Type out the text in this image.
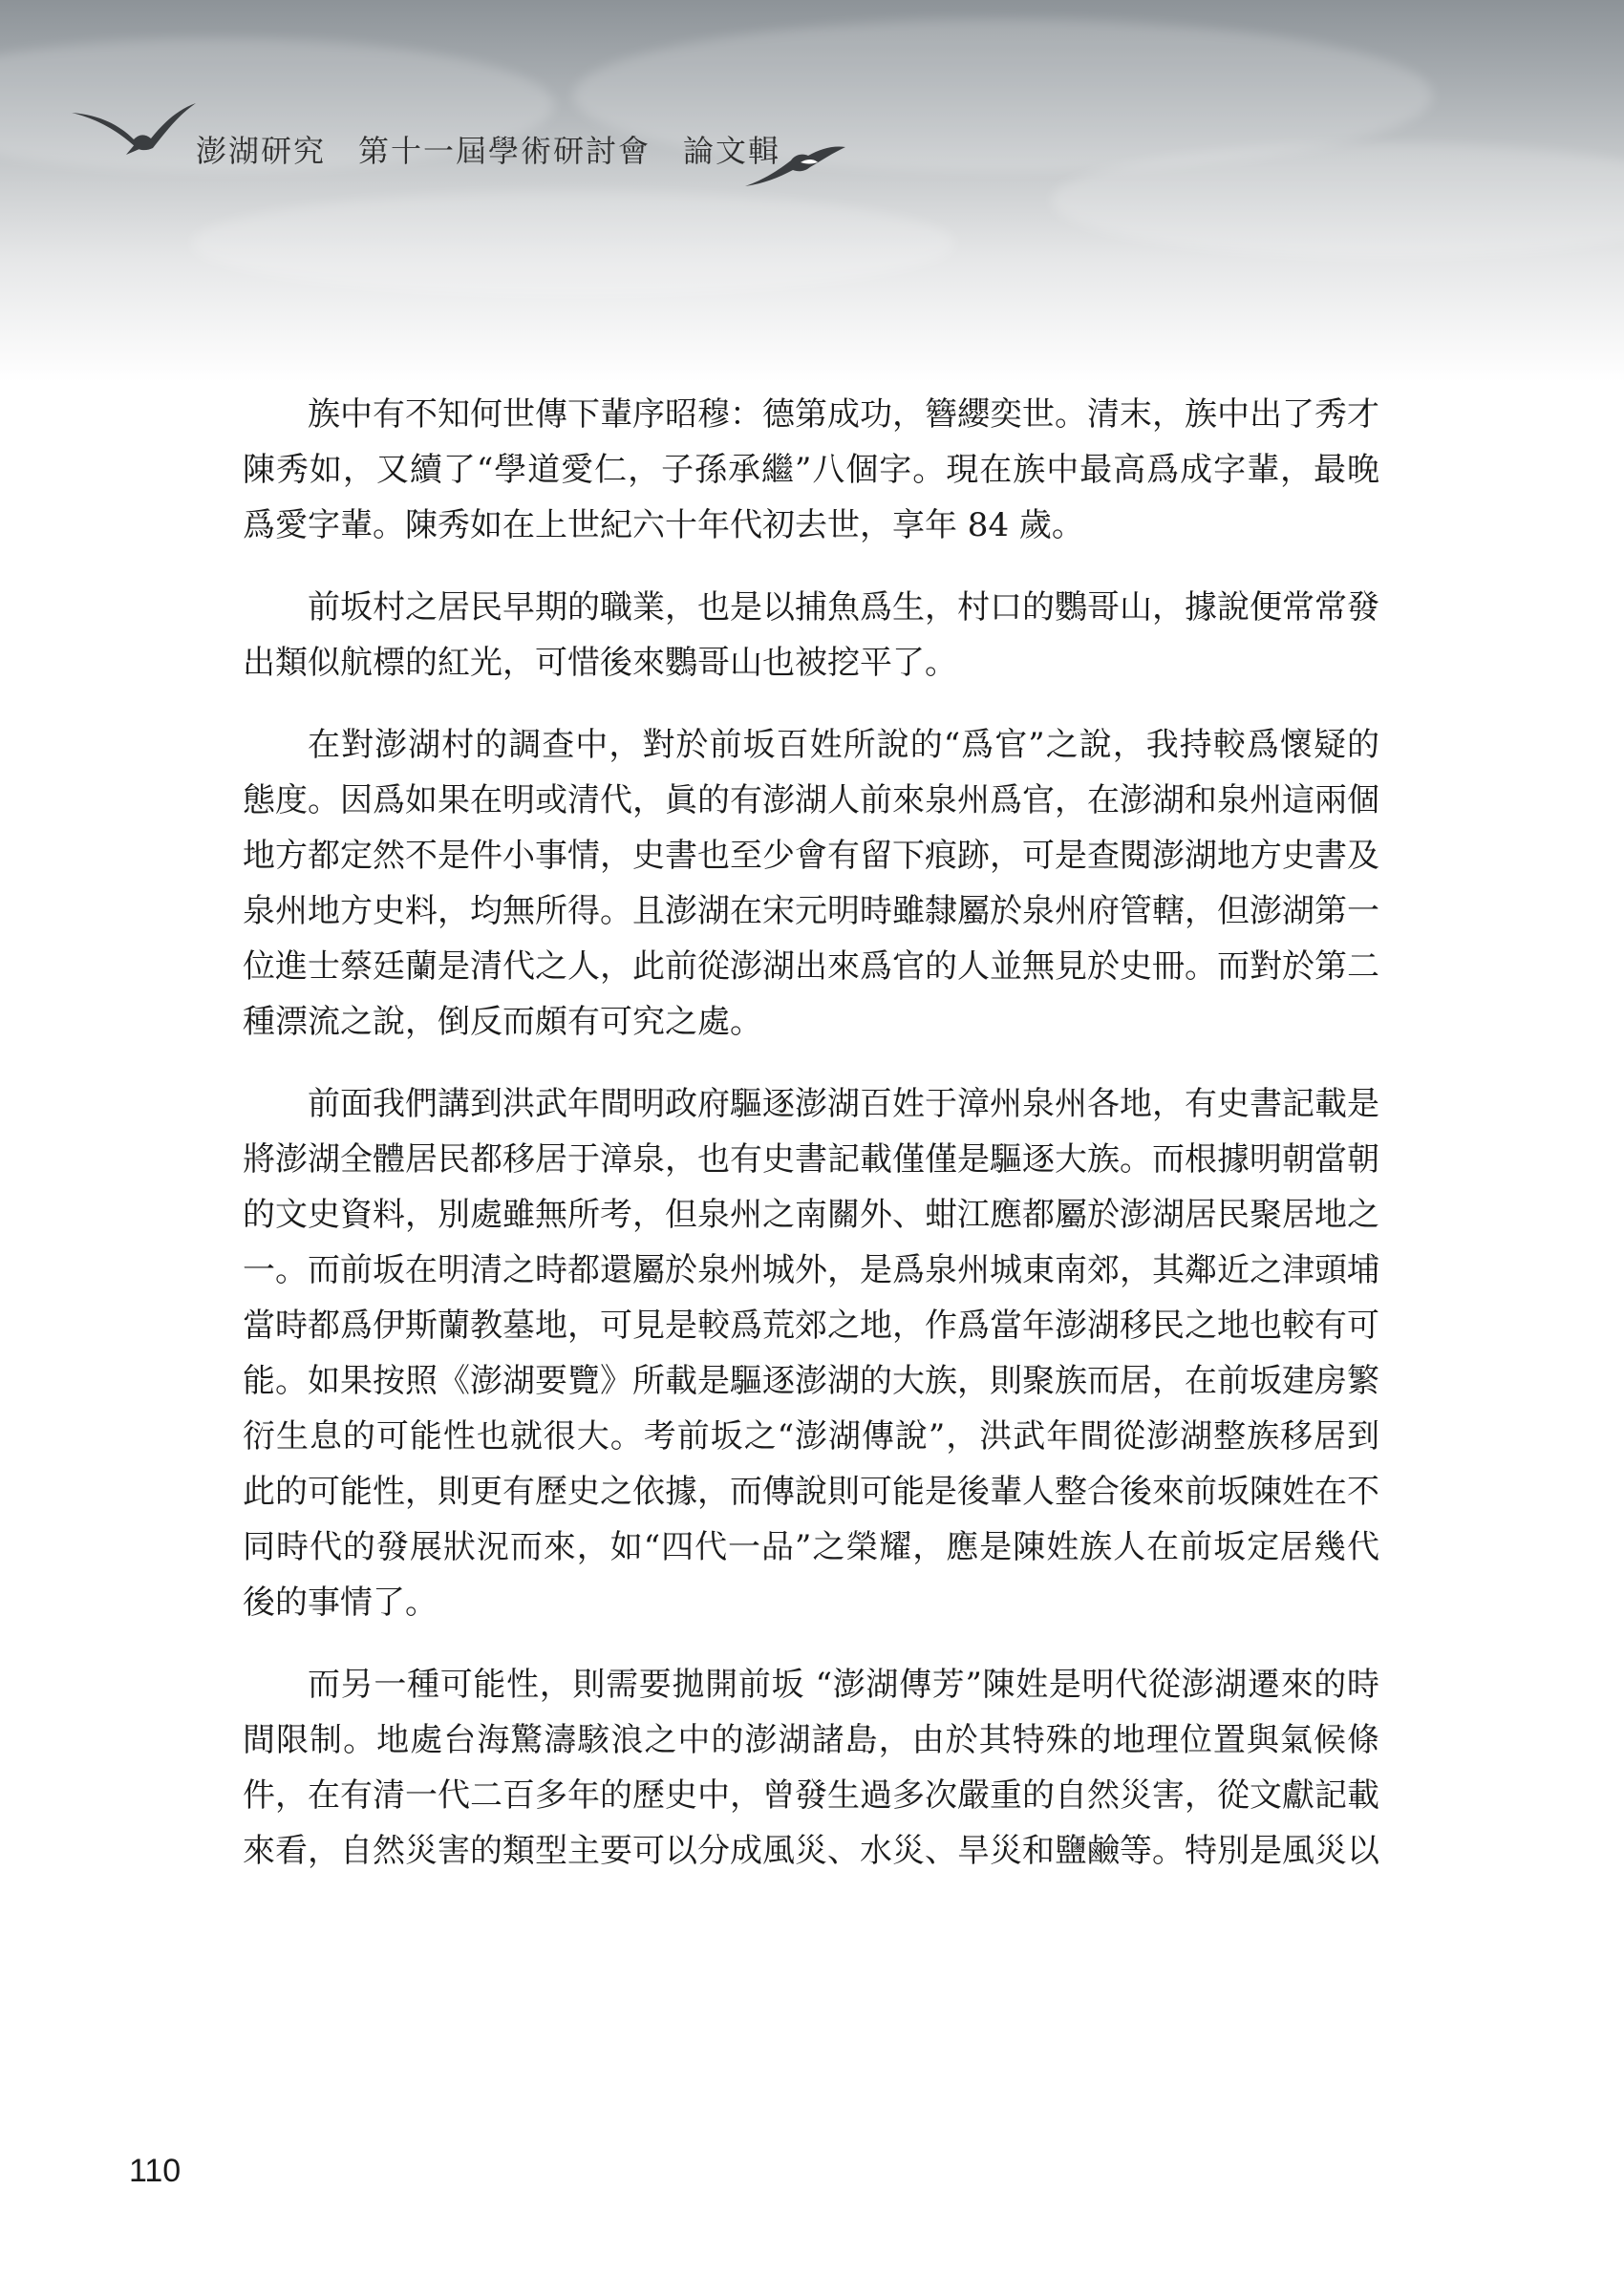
澎湖研究　第十一屆學術研討會　論文輯

族中有不知何世傳下輩序昭穆：德第成功，簪纓奕世。清末，族中出了秀才陳秀如，又續了“學道愛仁，子孫承繼”八個字。現在族中最高爲成字輩，最晚爲愛字輩。陳秀如在上世紀六十年代初去世，享年 84 歲。

前坂村之居民早期的職業，也是以捕魚爲生，村口的鸚哥山，據說便常常發出類似航標的紅光，可惜後來鸚哥山也被挖平了。

在對澎湖村的調查中，對於前坂百姓所說的“爲官”之說，我持較爲懷疑的態度。因爲如果在明或清代，眞的有澎湖人前來泉州爲官，在澎湖和泉州這兩個地方都定然不是件小事情，史書也至少會有留下痕跡，可是查閱澎湖地方史書及泉州地方史料，均無所得。且澎湖在宋元明時雖隸屬於泉州府管轄，但澎湖第一位進士蔡廷蘭是清代之人，此前從澎湖出來爲官的人並無見於史冊。而對於第二種漂流之說，倒反而頗有可究之處。

前面我們講到洪武年間明政府驅逐澎湖百姓于漳州泉州各地，有史書記載是將澎湖全體居民都移居于漳泉，也有史書記載僅僅是驅逐大族。而根據明朝當朝的文史資料，別處雖無所考，但泉州之南關外、蚶江應都屬於澎湖居民聚居地之一。而前坂在明清之時都還屬於泉州城外，是爲泉州城東南郊，其鄰近之津頭埔當時都爲伊斯蘭教墓地，可見是較爲荒郊之地，作爲當年澎湖移民之地也較有可能。如果按照《澎湖要覽》所載是驅逐澎湖的大族，則聚族而居，在前坂建房繁衍生息的可能性也就很大。考前坂之“澎湖傳說”，洪武年間從澎湖整族移居到此的可能性，則更有歷史之依據，而傳說則可能是後輩人整合後來前坂陳姓在不同時代的發展狀況而來，如“四代一品”之榮耀，應是陳姓族人在前坂定居幾代後的事情了。

而另一種可能性，則需要拋開前坂 “澎湖傳芳”陳姓是明代從澎湖遷來的時間限制。地處台海驚濤駭浪之中的澎湖諸島，由於其特殊的地理位置與氣候條件，在有清一代二百多年的歷史中，曾發生過多次嚴重的自然災害，從文獻記載來看，自然災害的類型主要可以分成風災、水災、旱災和鹽鹼等。特別是風災以

110
